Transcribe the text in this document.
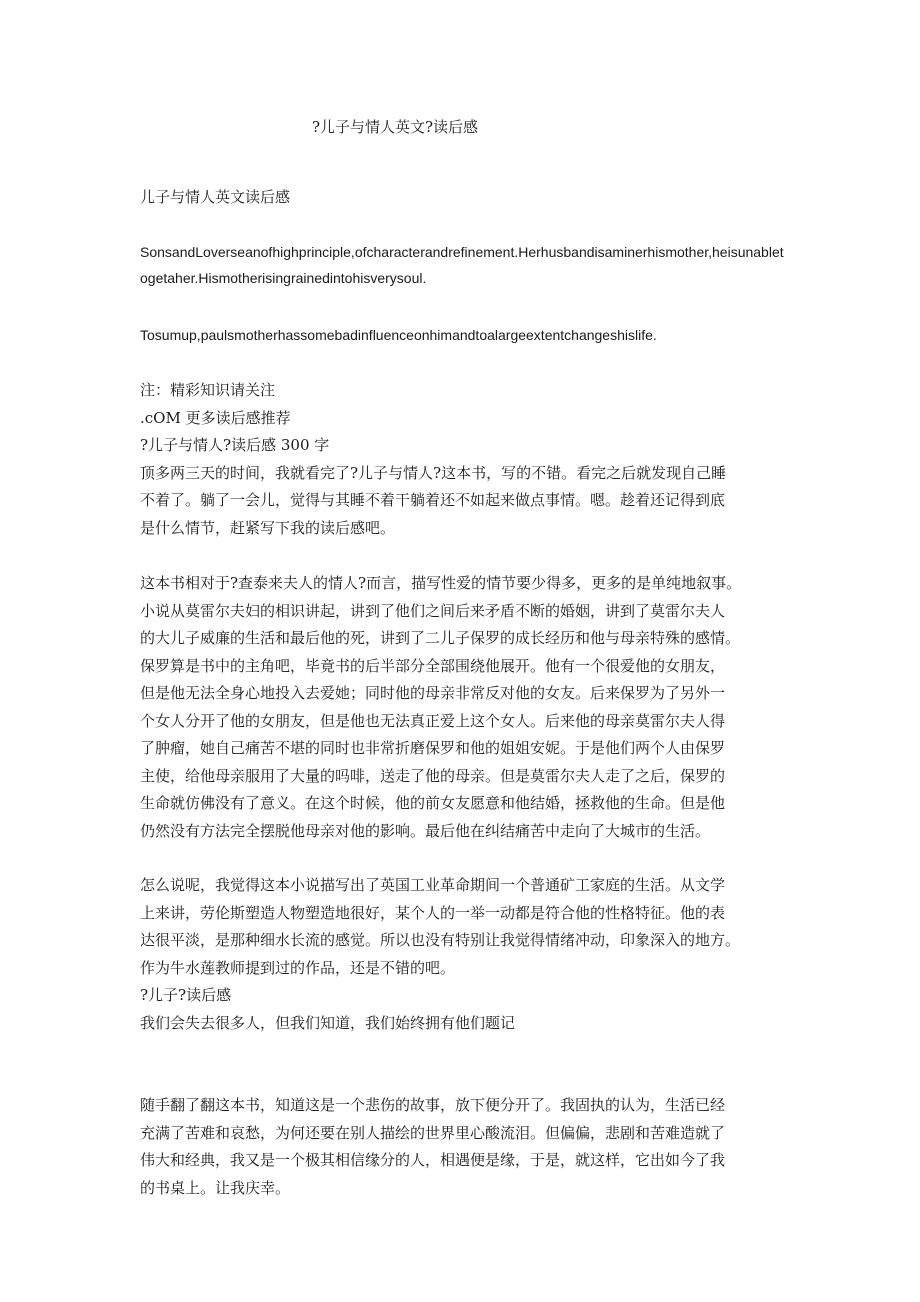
?儿子与情人英文?读后感
儿子与情人英文读后感
SonsandLoverseanofhighprinciple,ofcharacterandrefinement.Herhusbandisaminerhismother,heisunabletogetaher.Hismotherisingrainedintohisverysoul.
Tosumup,paulsmotherhassomebadinfluenceonhimandtoalargeextentchangeshislife.
注：精彩知识请关注
.cOM 更多读后感推荐
?儿子与情人?读后感 300 字
顶多两三天的时间，我就看完了?儿子与情人?这本书，写的不错。看完之后就发现自己睡
不着了。躺了一会儿，觉得与其睡不着干躺着还不如起来做点事情。嗯。趁着还记得到底
是什么情节，赶紧写下我的读后感吧。
这本书相对于?查泰来夫人的情人?而言，描写性爱的情节要少得多，更多的是单纯地叙事。
小说从莫雷尔夫妇的相识讲起，讲到了他们之间后来矛盾不断的婚姻，讲到了莫雷尔夫人
的大儿子威廉的生活和最后他的死，讲到了二儿子保罗的成长经历和他与母亲特殊的感情。
保罗算是书中的主角吧，毕竟书的后半部分全部围绕他展开。他有一个很爱他的女朋友，
但是他无法全身心地投入去爱她；同时他的母亲非常反对他的女友。后来保罗为了另外一
个女人分开了他的女朋友，但是他也无法真正爱上这个女人。后来他的母亲莫雷尔夫人得
了肿瘤，她自己痛苦不堪的同时也非常折磨保罗和他的姐姐安妮。于是他们两个人由保罗
主使，给他母亲服用了大量的吗啡，送走了他的母亲。但是莫雷尔夫人走了之后，保罗的
生命就仿佛没有了意义。在这个时候，他的前女友愿意和他结婚，拯救他的生命。但是他
仍然没有方法完全摆脱他母亲对他的影响。最后他在纠结痛苦中走向了大城市的生活。
怎么说呢，我觉得这本小说描写出了英国工业革命期间一个普通矿工家庭的生活。从文学
上来讲，劳伦斯塑造人物塑造地很好，某个人的一举一动都是符合他的性格特征。他的表
达很平淡，是那种细水长流的感觉。所以也没有特别让我觉得情绪冲动，印象深入的地方。
作为牛水莲教师提到过的作品，还是不错的吧。
?儿子?读后感
我们会失去很多人，但我们知道，我们始终拥有他们题记
随手翻了翻这本书，知道这是一个悲伤的故事，放下便分开了。我固执的认为，生活已经
充满了苦难和哀愁，为何还要在别人描绘的世界里心酸流泪。但偏偏，悲剧和苦难造就了
伟大和经典，我又是一个极其相信缘分的人，相遇便是缘，于是，就这样，它出如今了我
的书桌上。让我庆幸。
